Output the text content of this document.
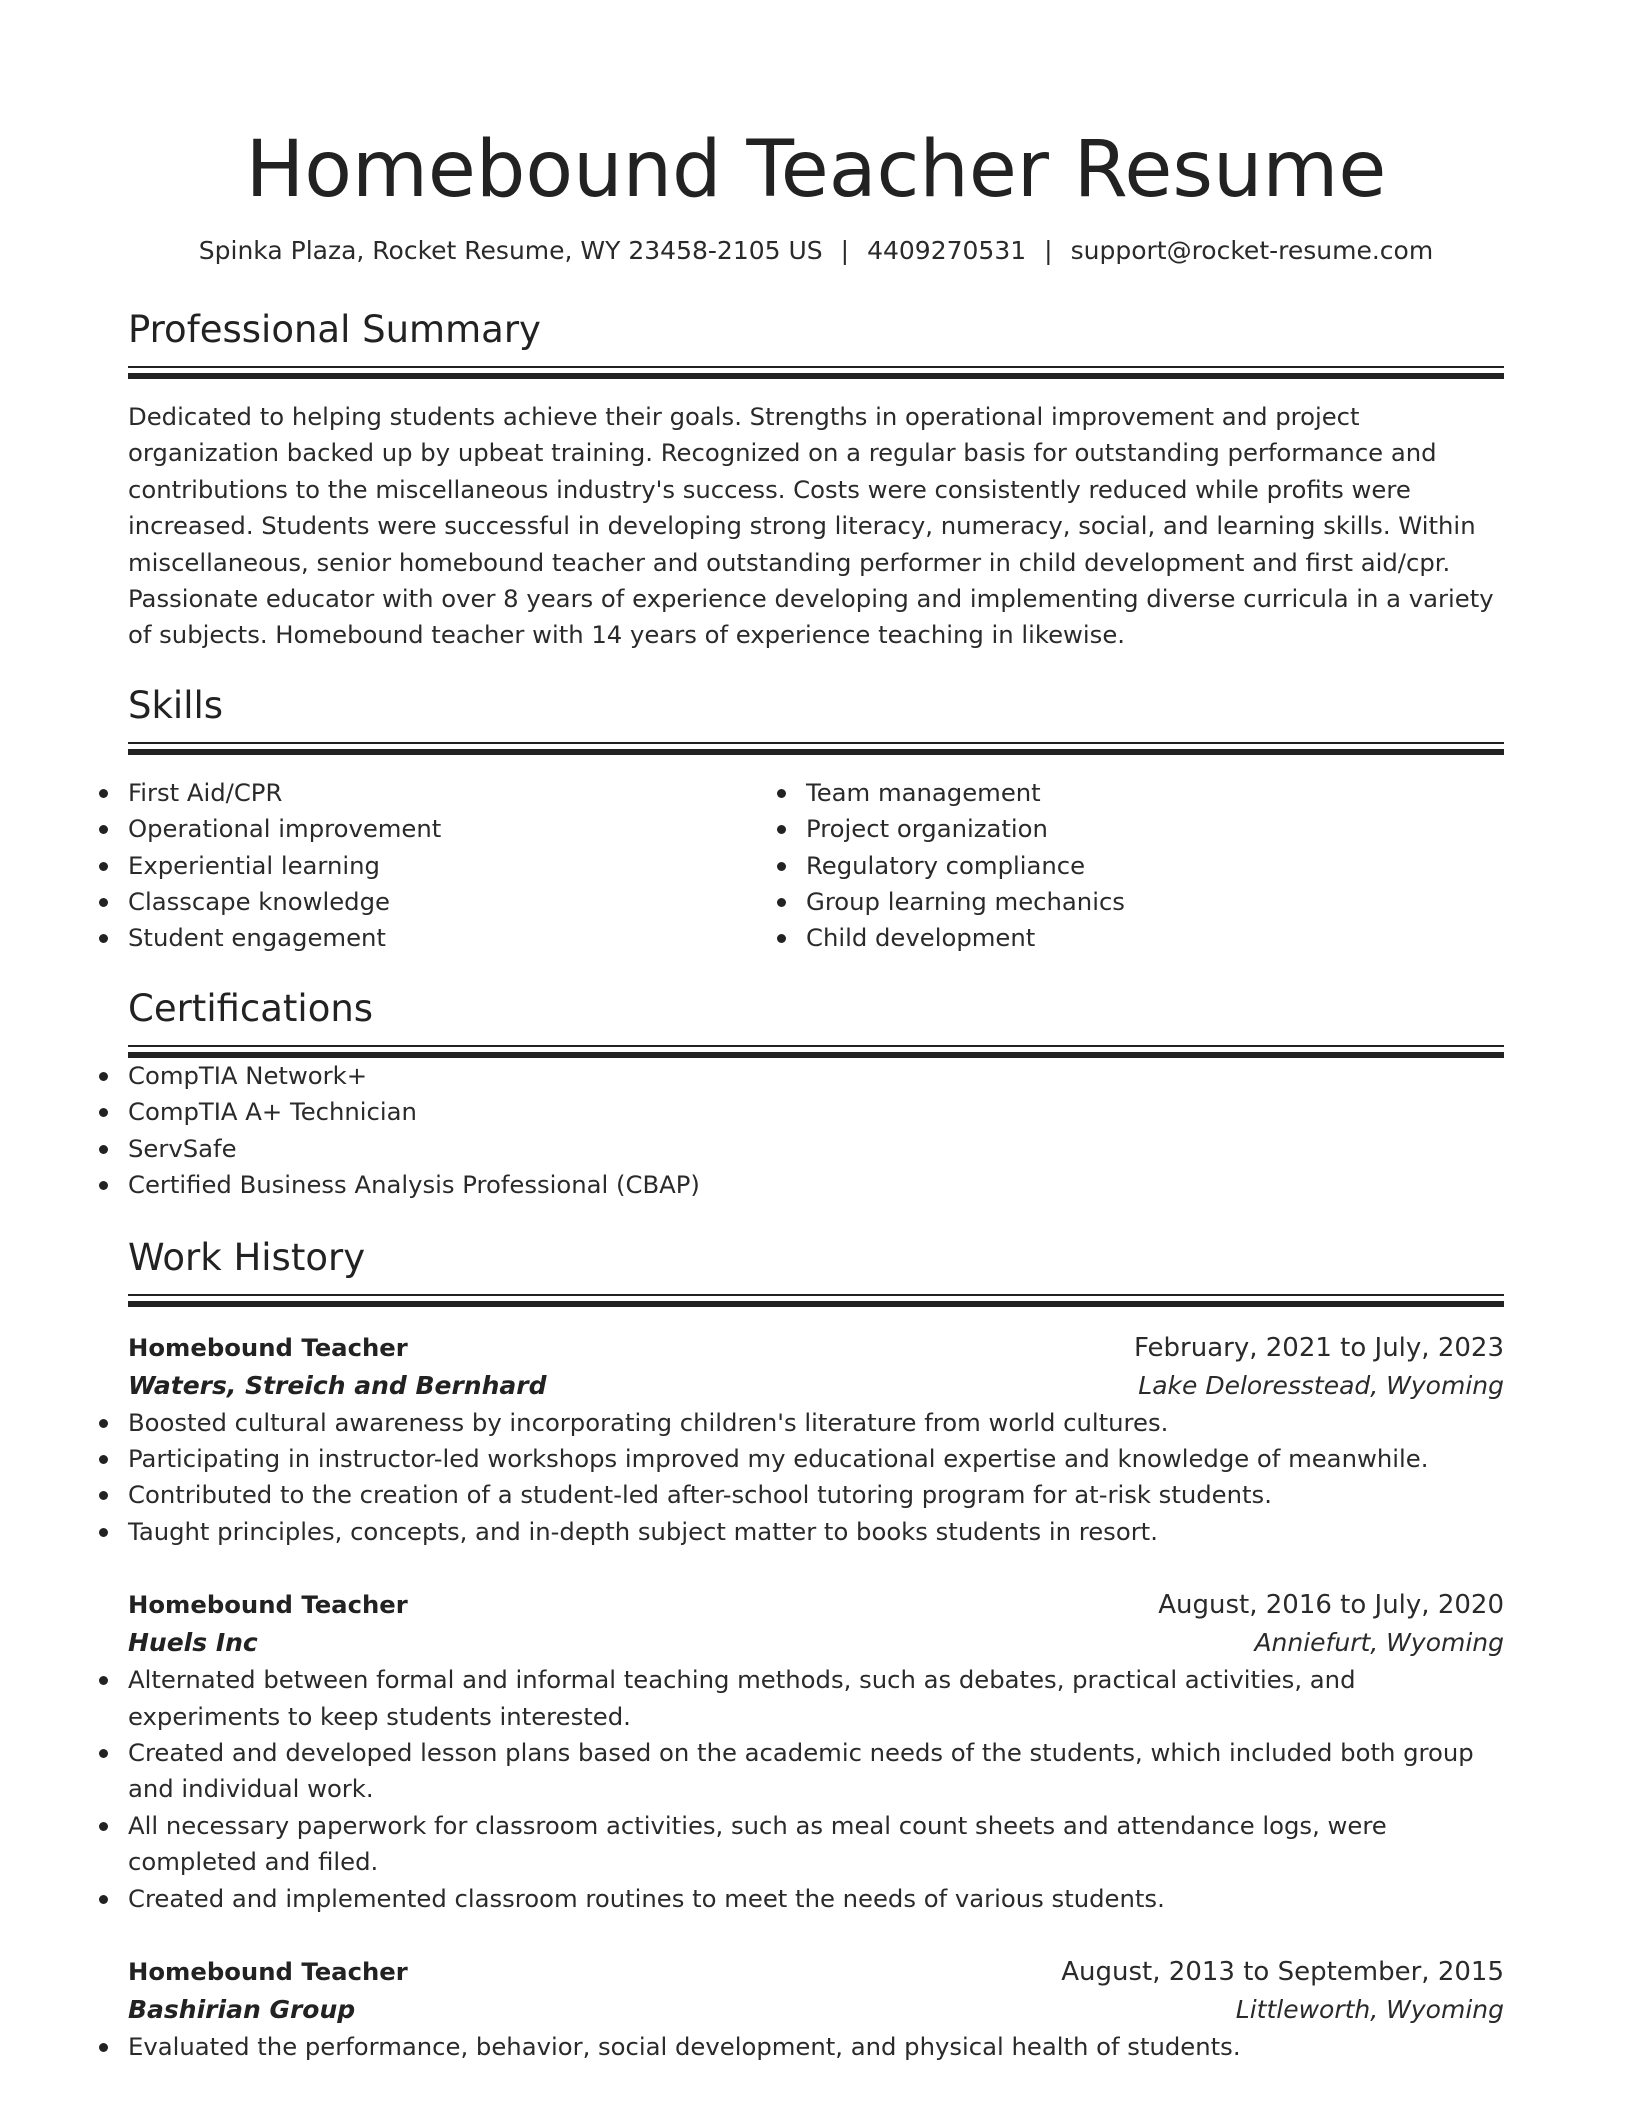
Homebound Teacher Resume
Spinka Plaza, Rocket Resume, WY 23458-2105 US | 4409270531 | support@rocket-resume.com
Professional Summary

Dedicated to helping students achieve their goals. Strengths in operational improvement and project organization backed up by upbeat training. Recognized on a regular basis for outstanding performance and contributions to the miscellaneous industry's success. Costs were consistently reduced while profits were increased. Students were successful in developing strong literacy, numeracy, social, and learning skills. Within miscellaneous, senior homebound teacher and outstanding performer in child development and first aid/cpr. Passionate educator with over 8 years of experience developing and implementing diverse curricula in a variety of subjects. Homebound teacher with 14 years of experience teaching in likewise.

Skills
First Aid/CPR
Operational improvement
Experiential learning
Classcape knowledge
Student engagement
Team management
Project organization
Regulatory compliance
Group learning mechanics
Child development
Certifications
CompTIA Network+
CompTIA A+ Technician
ServSafe
Certified Business Analysis Professional (CBAP)
Work History
Homebound Teacher	February, 2021 to July, 2023
Waters, Streich and Bernhard	Lake Deloresstead, Wyoming
Boosted cultural awareness by incorporating children's literature from world cultures.
Participating in instructor-led workshops improved my educational expertise and knowledge of meanwhile.
Contributed to the creation of a student-led after-school tutoring program for at-risk students.
Taught principles, concepts, and in-depth subject matter to books students in resort.
Homebound Teacher	August, 2016 to July, 2020
Huels Inc	Anniefurt, Wyoming
Alternated between formal and informal teaching methods, such as debates, practical activities, and experiments to keep students interested.
Created and developed lesson plans based on the academic needs of the students, which included both group and individual work.
All necessary paperwork for classroom activities, such as meal count sheets and attendance logs, were completed and filed.
Created and implemented classroom routines to meet the needs of various students.
Homebound Teacher	August, 2013 to September, 2015
Bashirian Group	Littleworth, Wyoming
Evaluated the performance, behavior, social development, and physical health of students.
